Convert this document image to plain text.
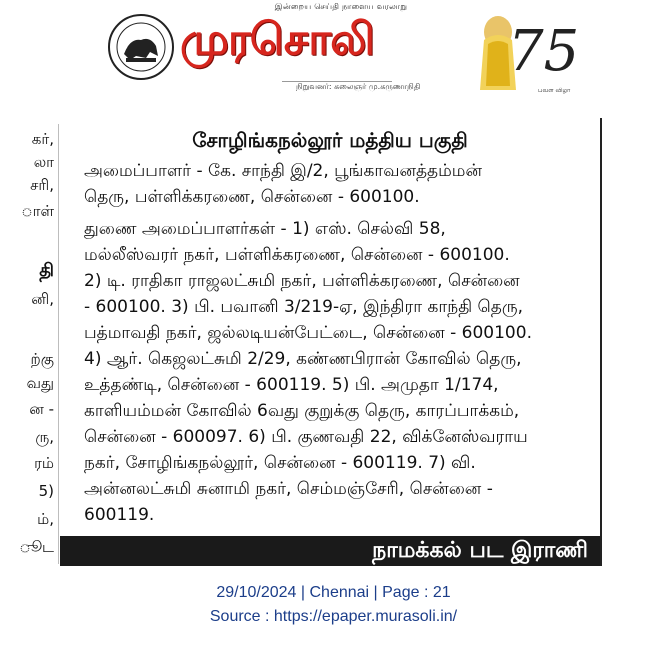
இன்றைய செய்தி நாளைய வரலாறு
முரசொலி
நிறுவனர்: கலைஞர் மு.கருணாநிதி
75
பவள விழா
கர்,
லா
சரி,
ாள்
தி
னி,
ற்கு
வது
ன -
ரு,
ரம்
5)
ம்,
ூட
சோழிங்கநல்லூர் மத்திய பகுதி
அமைப்பாளர் - கே. சாந்தி இ/2, பூங்காவனத்தம்மன்
தெரு, பள்ளிக்கரணை, சென்னை - 600100.
துணை அமைப்பாளர்கள் - 1) எஸ். செல்வி 58,
மல்லீஸ்வரர் நகர், பள்ளிக்கரணை, சென்னை - 600100.
2) டி. ராதிகா ராஜலட்சுமி நகர், பள்ளிக்கரணை, சென்னை
- 600100. 3) பி. பவானி 3/219-ஏ, இந்திரா காந்தி தெரு,
பத்மாவதி நகர், ஜல்லடியன்பேட்டை, சென்னை - 600100.
4) ஆர். கெஜலட்சுமி 2/29, கண்ணபிரான் கோவில் தெரு,
உத்தண்டி, சென்னை - 600119. 5) பி. அமுதா 1/174,
காளியம்மன் கோவில் 6வது குறுக்கு தெரு, காரப்பாக்கம்,
சென்னை - 600097. 6) பி. குணவதி 22, விக்னேஸ்வராய
நகர், சோழிங்கநல்லூர், சென்னை - 600119. 7) வி.
அன்னலட்சுமி சுனாமி நகர், செம்மஞ்சேரி, சென்னை -
600119.
நாமக்கல் பட இராணி
29/10/2024 | Chennai | Page : 21
Source : https://epaper.murasoli.in/
